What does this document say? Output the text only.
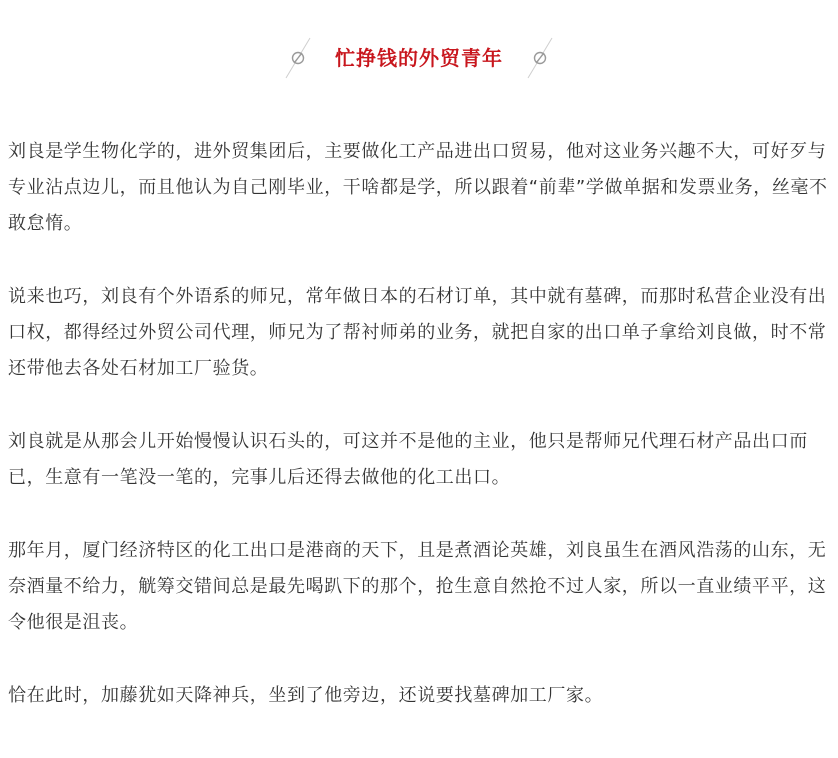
忙挣钱的外贸青年

刘良是学生物化学的，进外贸集团后，主要做化工产品进出口贸易，他对这业务兴趣不大，可好歹与专业沾点边儿，而且他认为自己刚毕业，干啥都是学，所以跟着“前辈”学做单据和发票业务，丝毫不敢怠惰。

说来也巧，刘良有个外语系的师兄，常年做日本的石材订单，其中就有墓碑，而那时私营企业没有出口权，都得经过外贸公司代理，师兄为了帮衬师弟的业务，就把自家的出口单子拿给刘良做，时不常还带他去各处石材加工厂验货。

刘良就是从那会儿开始慢慢认识石头的，可这并不是他的主业，他只是帮师兄代理石材产品出口而已，生意有一笔没一笔的，完事儿后还得去做他的化工出口。

那年月，厦门经济特区的化工出口是港商的天下，且是煮酒论英雄，刘良虽生在酒风浩荡的山东，无奈酒量不给力，觥筹交错间总是最先喝趴下的那个，抢生意自然抢不过人家，所以一直业绩平平，这令他很是沮丧。

恰在此时，加藤犹如天降神兵，坐到了他旁边，还说要找墓碑加工厂家。
